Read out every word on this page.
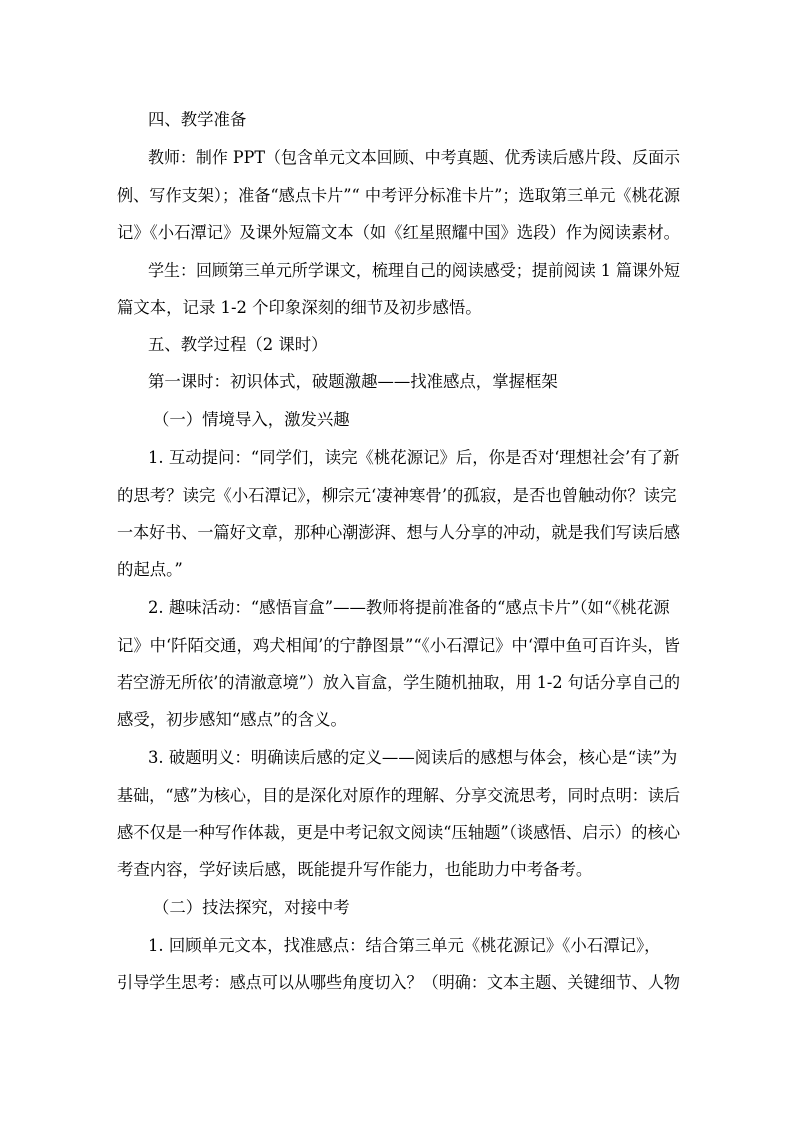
四、教学准备

教师：制作 PPT（包含单元文本回顾、中考真题、优秀读后感片段、反面示

例、写作支架）；准备“感点卡片”“ 中考评分标准卡片”；选取第三单元《桃花源

记》《小石潭记》及课外短篇文本（如《红星照耀中国》选段）作为阅读素材。

学生：回顾第三单元所学课文，梳理自己的阅读感受；提前阅读 1 篇课外短

篇文本，记录 1-2 个印象深刻的细节及初步感悟。

五、教学过程（2 课时）

第一课时：初识体式，破题激趣——找准感点，掌握框架

（一）情境导入，激发兴趣

1. 互动提问：“同学们，读完《桃花源记》后，你是否对‘理想社会’有了新

的思考？读完《小石潭记》，柳宗元‘凄神寒骨’的孤寂，是否也曾触动你？读完

一本好书、一篇好文章，那种心潮澎湃、想与人分享的冲动，就是我们写读后感

的起点。”

2. 趣味活动：“感悟盲盒”——教师将提前准备的“感点卡片”（如“《桃花源

记》中‘阡陌交通，鸡犬相闻’的宁静图景”“《小石潭记》中‘潭中鱼可百许头，皆

若空游无所依’的清澈意境”）放入盲盒，学生随机抽取，用 1-2 句话分享自己的

感受，初步感知“感点”的含义。

3. 破题明义：明确读后感的定义——阅读后的感想与体会，核心是“读”为

基础，“感”为核心，目的是深化对原作的理解、分享交流思考，同时点明：读后

感不仅是一种写作体裁，更是中考记叙文阅读“压轴题”（谈感悟、启示）的核心

考查内容，学好读后感，既能提升写作能力，也能助力中考备考。

（二）技法探究，对接中考

1. 回顾单元文本，找准感点：结合第三单元《桃花源记》《小石潭记》，

引导学生思考：感点可以从哪些角度切入？（明确：文本主题、关键细节、人物
